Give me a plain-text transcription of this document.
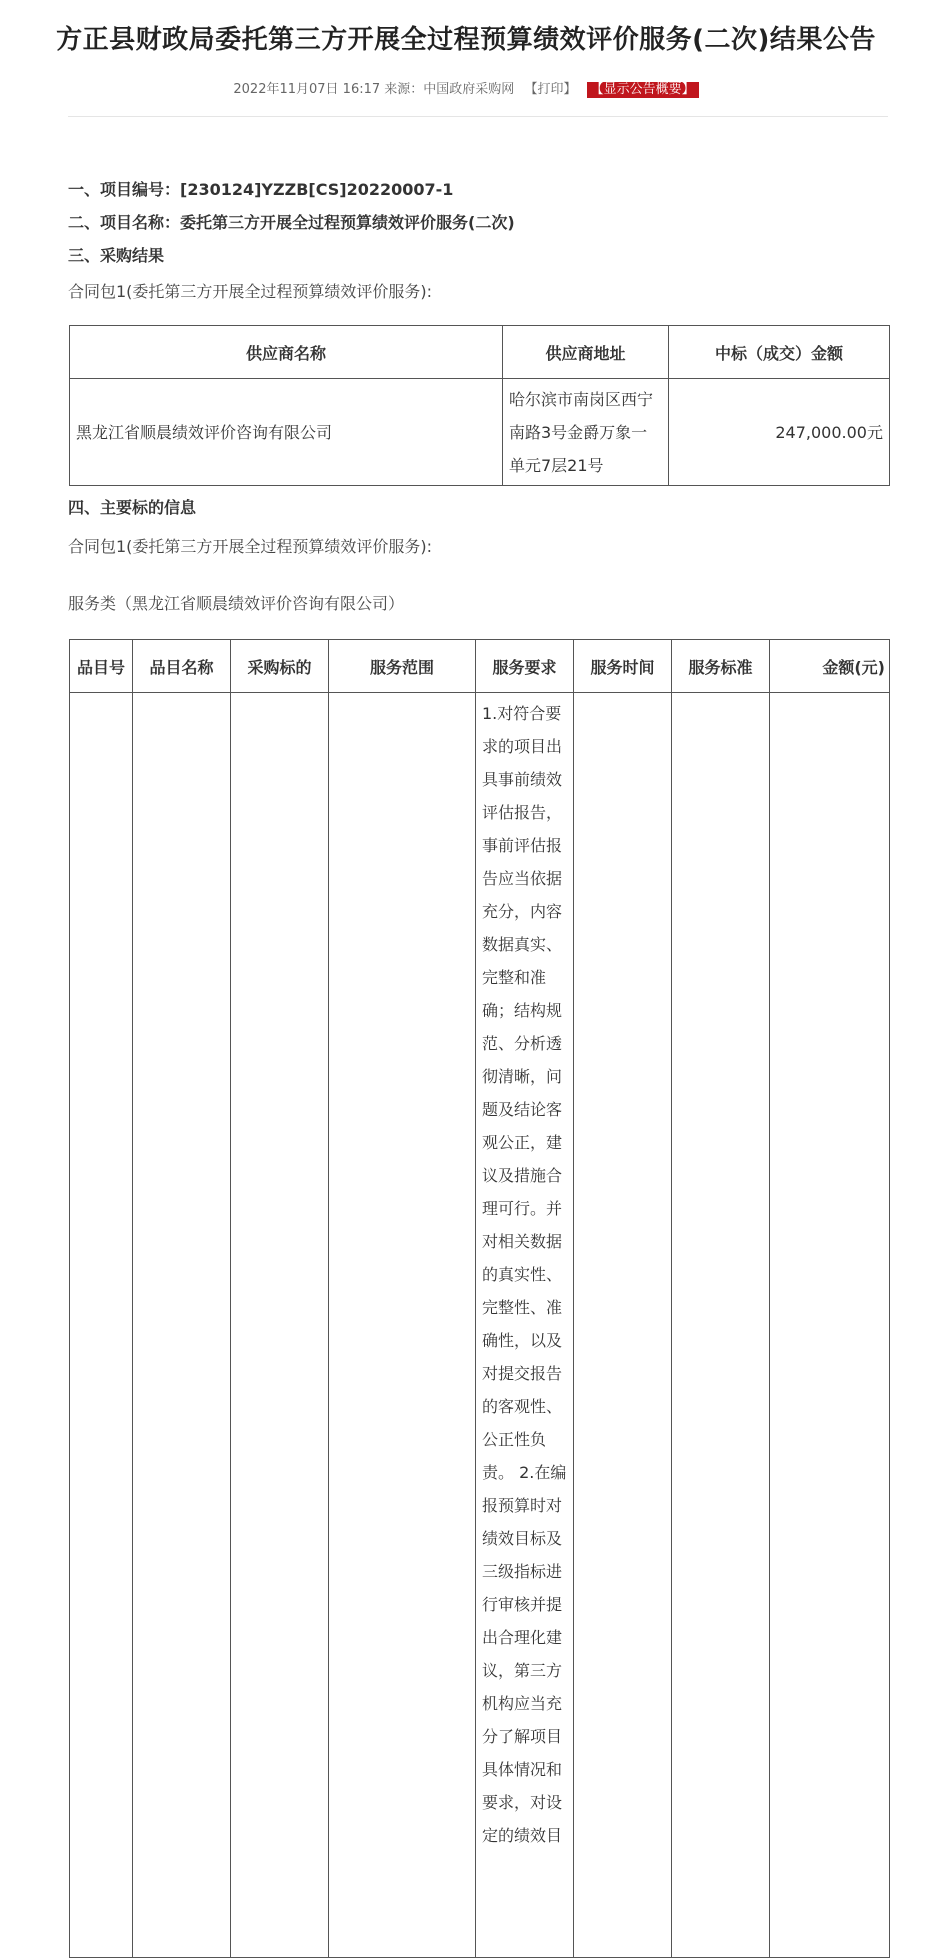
方正县财政局委托第三方开展全过程预算绩效评价服务(二次)结果公告
2022年11月07日 16:17 来源：中国政府采购网 【打印】 【显示公告概要】
一、项目编号：[230124]YZZB[CS]20220007-1
二、项目名称：委托第三方开展全过程预算绩效评价服务(二次)
三、采购结果
合同包1(委托第三方开展全过程预算绩效评价服务):
供应商名称	供应商地址	中标（成交）金额
黑龙江省顺晨绩效评价咨询有限公司	哈尔滨市南岗区西宁南路3号金爵万象一单元7层21号	247,000.00元
四、主要标的信息
合同包1(委托第三方开展全过程预算绩效评价服务):
服务类（黑龙江省顺晨绩效评价咨询有限公司）
品目号	品目名称	采购标的	服务范围	服务要求	服务时间	服务标准	金额(元)
				1.对符合要求的项目出具事前绩效评估报告，事前评估报告应当依据充分，内容数据真实、完整和准确；结构规范、分析透彻清晰，问题及结论客观公正，建议及措施合理可行。并对相关数据的真实性、完整性、准确性，以及对提交报告的客观性、公正性负责。 2.在编报预算时对绩效目标及三级指标进行审核并提出合理化建议，第三方机构应当充分了解项目具体情况和要求，对设定的绩效目			
